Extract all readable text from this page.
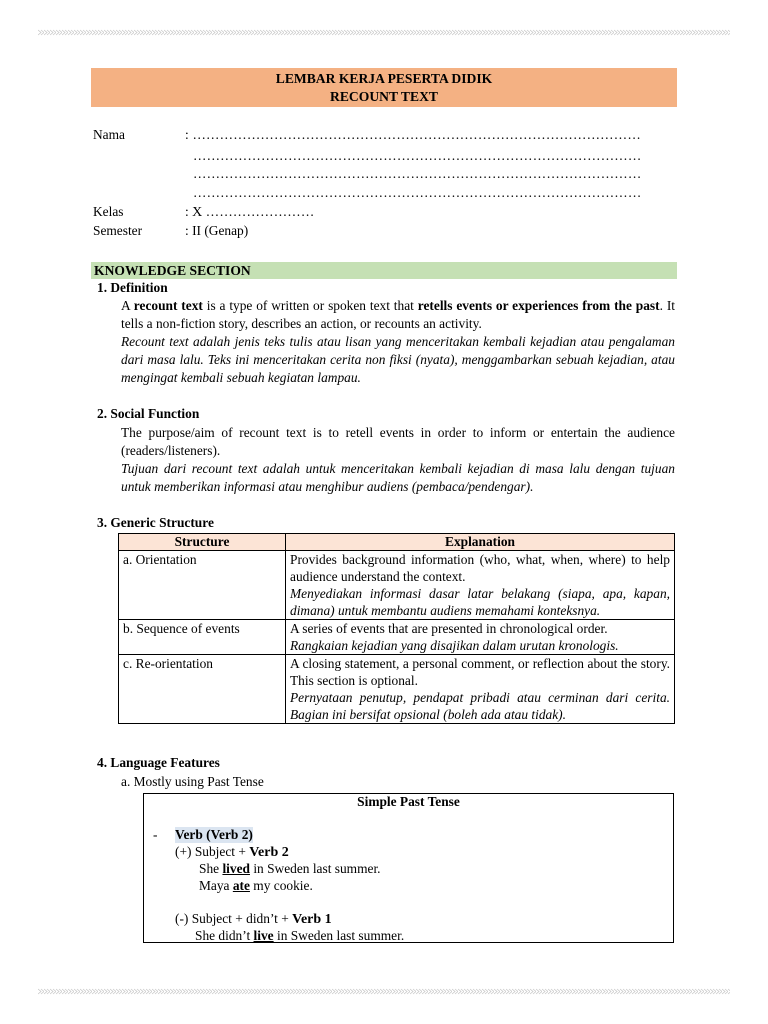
LEMBAR KERJA PESERTA DIDIK
RECOUNT TEXT
Nama	: ………………………………………………………………………………………
………………………………………………………………………………………
………………………………………………………………………………………
………………………………………………………………………………………
Kelas	: X ……………………
Semester	: II (Genap)
KNOWLEDGE SECTION
1. Definition

A recount text is a type of written or spoken text that retells events or experiences from the past. It tells a non-fiction story, describes an action, or recounts an activity.

Recount text adalah jenis teks tulis atau lisan yang menceritakan kembali kejadian atau pengalaman dari masa lalu. Teks ini menceritakan cerita non fiksi (nyata), menggambarkan sebuah kejadian, atau mengingat kembali sebuah kegiatan lampau.

2. Social Function

The purpose/aim of recount text is to retell events in order to inform or entertain the audience (readers/listeners).

Tujuan dari recount text adalah untuk menceritakan kembali kejadian di masa lalu dengan tujuan untuk memberikan informasi atau menghibur audiens (pembaca/pendengar).

3. Generic Structure
Structure	Explanation
a. Orientation	Provides background information (who, what, when, where) to help audience understand the context.
Menyediakan informasi dasar latar belakang (siapa, apa, kapan, dimana) untuk membantu audiens memahami konteksnya.

b. Sequence of events	A series of events that are presented in chronological order.
Rangkaian kejadian yang disajikan dalam urutan kronologis.

c. Re-orientation	A closing statement, a personal comment, or reflection about the story. This section is optional.
Pernyataan penutup, pendapat pribadi atau cerminan dari cerita. Bagian ini bersifat opsional (boleh ada atau tidak).
4. Language Features
a. Mostly using Past Tense
Simple Past Tense
- Verb (Verb 2)
(+) Subject + Verb 2
She lived in Sweden last summer.
Maya ate my cookie.
(-) Subject + didn’t + Verb 1
She didn’t live in Sweden last summer.
